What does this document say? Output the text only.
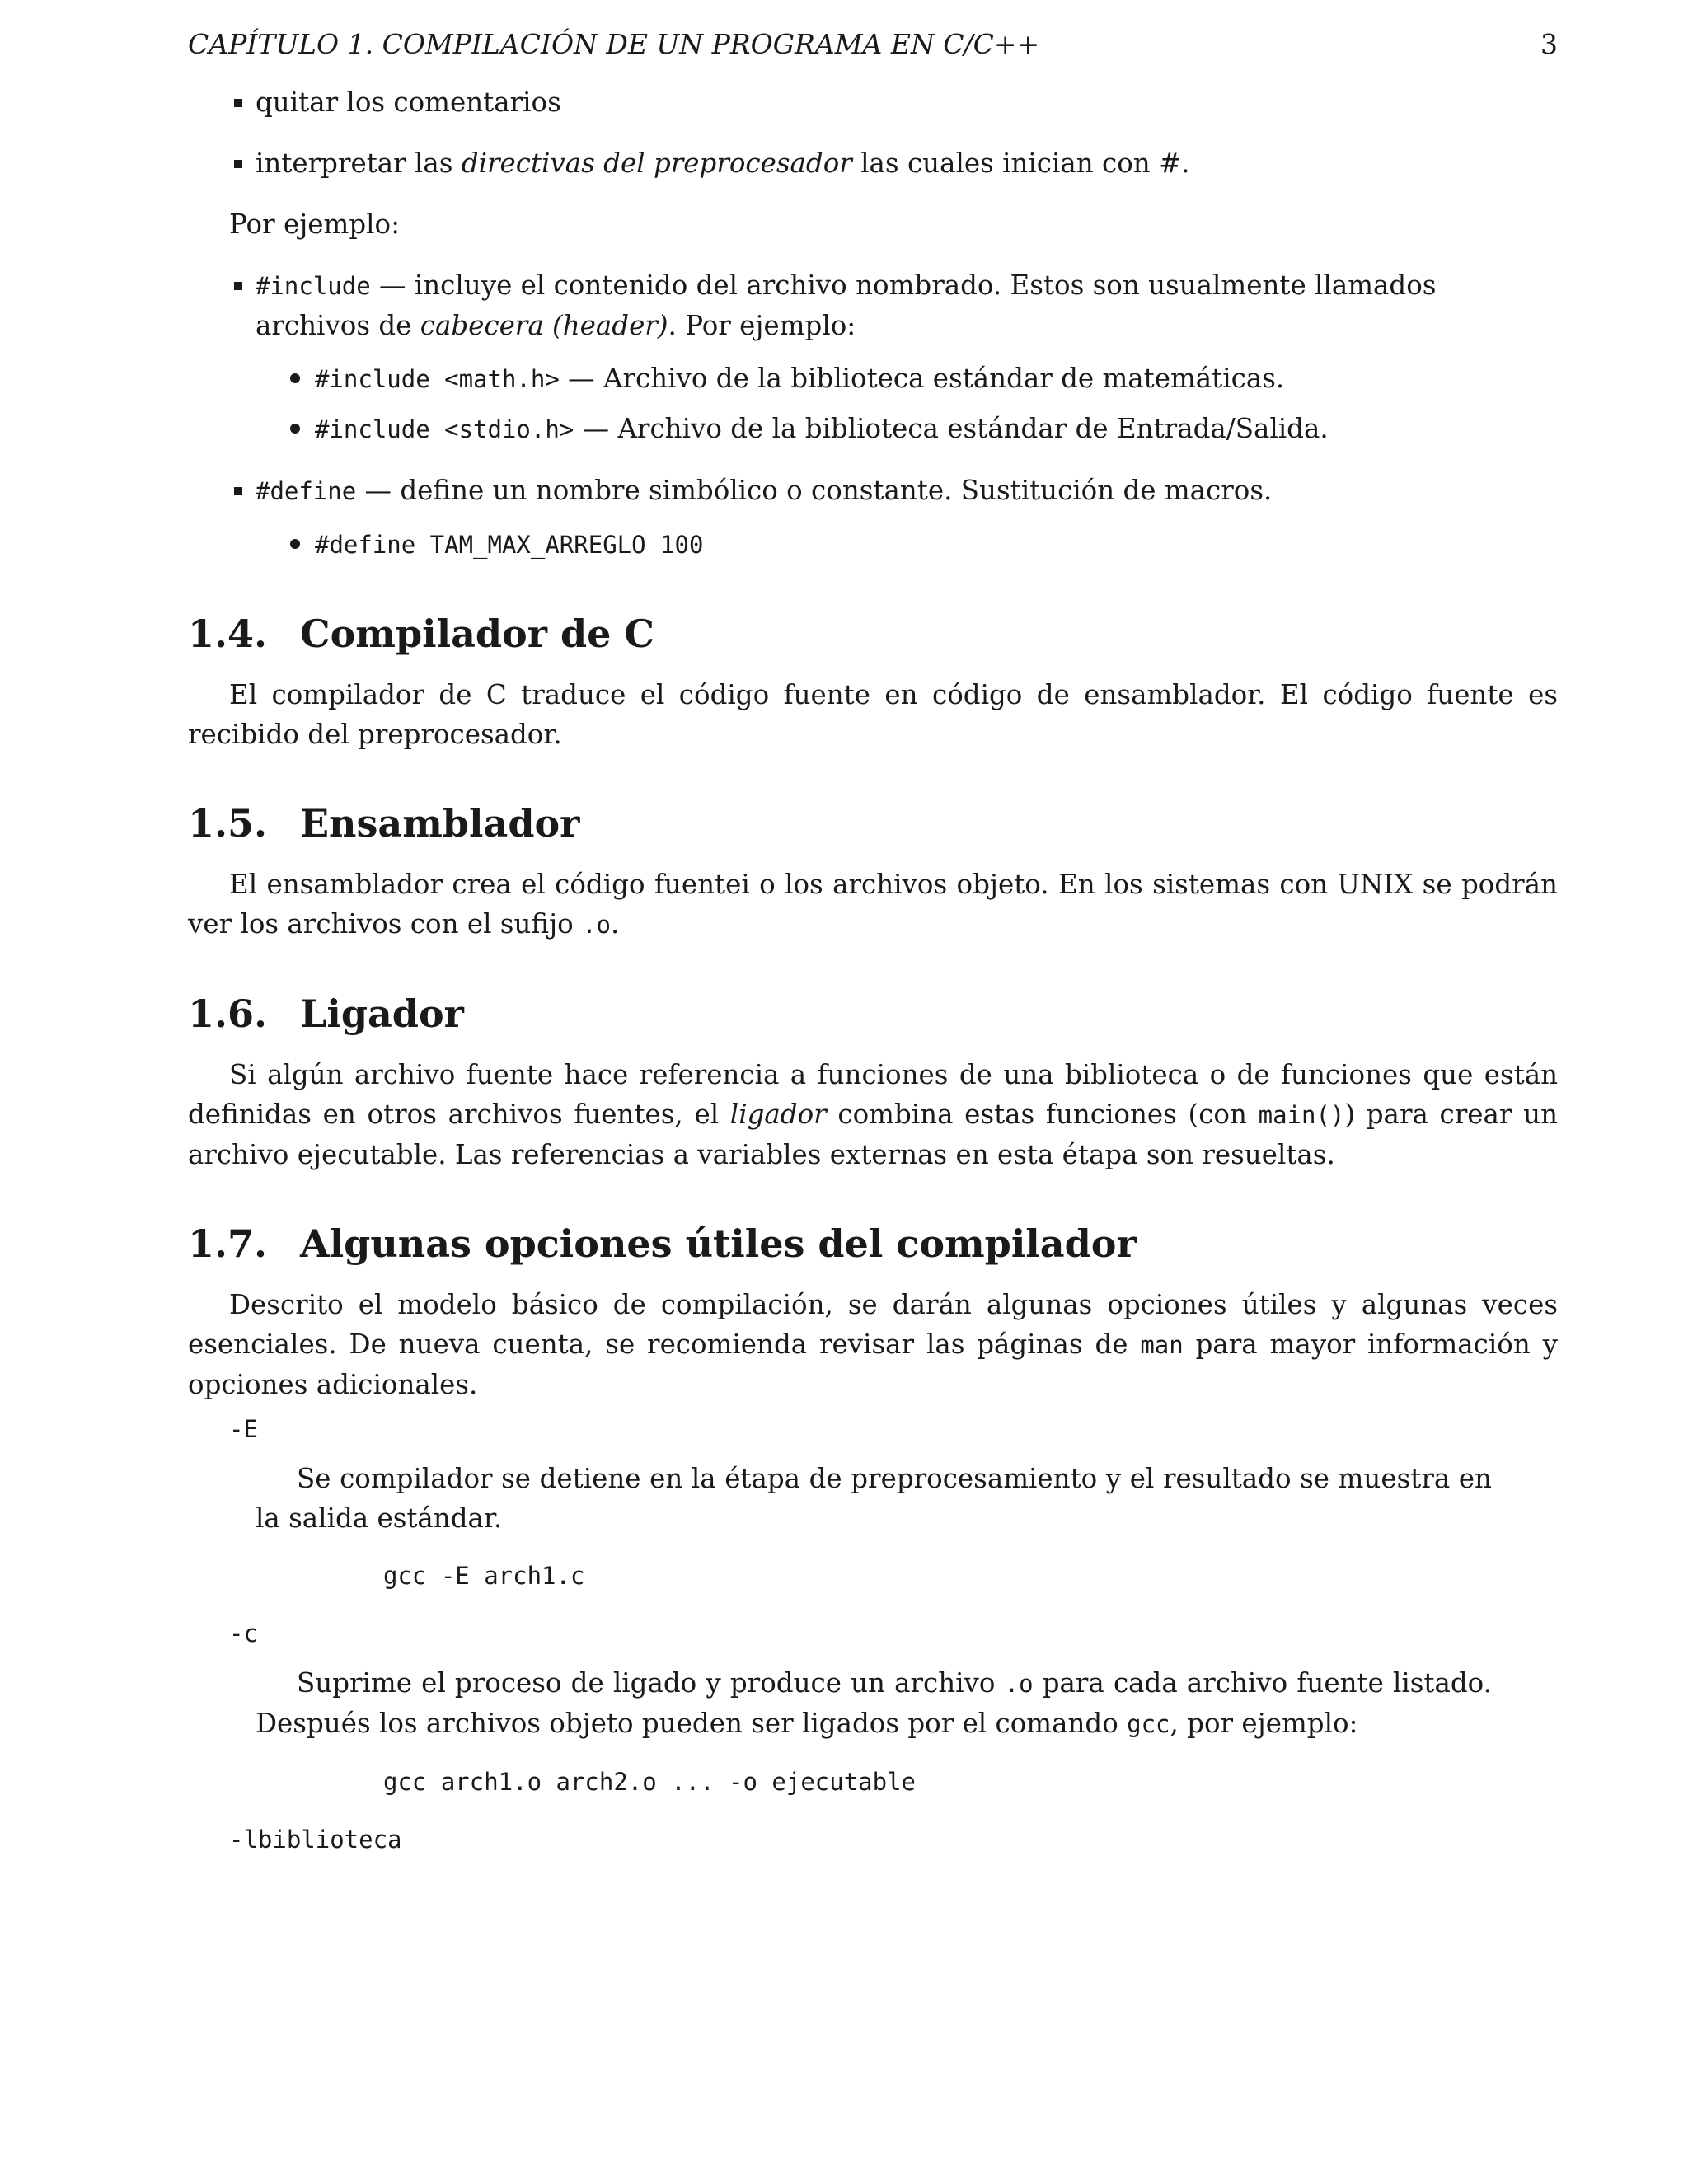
CAPÍTULO 1. COMPILACIÓN DE UN PROGRAMA EN C/C++	3
quitar los comentarios
interpretar las directivas del preprocesador las cuales inician con #.

Por ejemplo:

#include — incluye el contenido del archivo nombrado. Estos son usualmente llamados archivos de cabecera (header). Por ejemplo:
#include <math.h> — Archivo de la biblioteca estándar de matemáticas.
#include <stdio.h> — Archivo de la biblioteca estándar de Entrada/Salida.
#define — define un nombre simbólico o constante. Sustitución de macros.
#define TAM_MAX_ARREGLO 100
1.4. Compilador de C

El compilador de C traduce el código fuente en código de ensamblador. El código fuente es recibido del preprocesador.

1.5. Ensamblador

El ensamblador crea el código fuentei o los archivos objeto. En los sistemas con UNIX se podrán ver los archivos con el sufijo .o.

1.6. Ligador

Si algún archivo fuente hace referencia a funciones de una biblioteca o de funciones que están definidas en otros archivos fuentes, el ligador combina estas funciones (con main()) para crear un archivo ejecutable. Las referencias a variables externas en esta étapa son resueltas.

1.7. Algunas opciones útiles del compilador

Descrito el modelo básico de compilación, se darán algunas opciones útiles y algunas veces esenciales. De nueva cuenta, se recomienda revisar las páginas de man para mayor información y opciones adicionales.

-E

Se compilador se detiene en la étapa de preprocesamiento y el resultado se muestra en la salida estándar.

gcc -E arch1.c
-c

Suprime el proceso de ligado y produce un archivo .o para cada archivo fuente listado. Después los archivos objeto pueden ser ligados por el comando gcc, por ejemplo:

gcc arch1.o arch2.o ... -o ejecutable
-lbiblioteca
